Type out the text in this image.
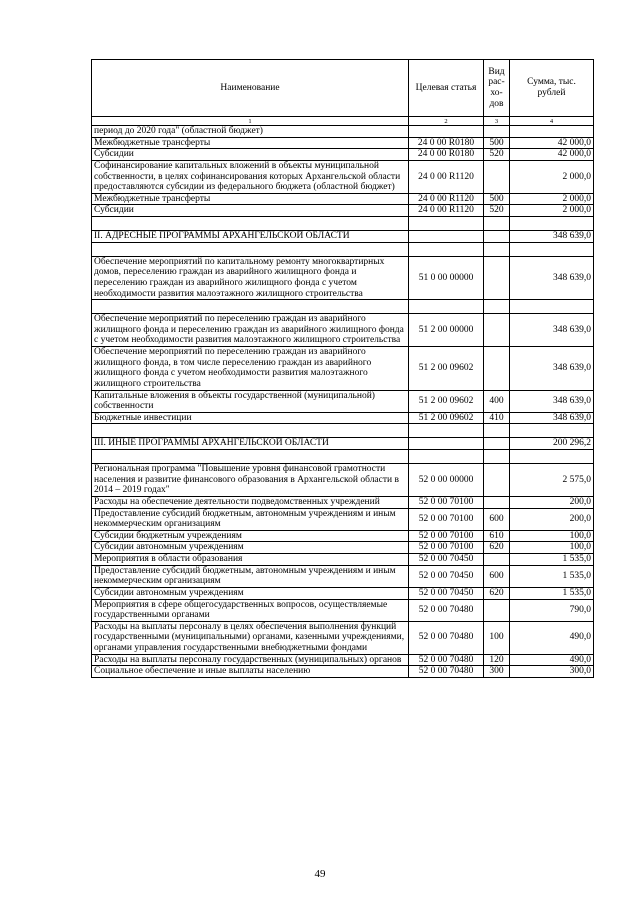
Наименование	Целевая статья	Вид рас-хо-дов	Сумма, тыс. рублей
1	2	3	4
период до 2020 года" (областной бюджет)			
Межбюджетные трансферты	24 0 00 R0180	500	42 000,0
Субсидии	24 0 00 R0180	520	42 000,0
Софинансирование капитальных вложений в объекты муниципальной собственности, в целях софинансирования которых Архангельской области предоставляются субсидии из федерального бюджета (областной бюджет)	24 0 00 R1120		2 000,0
Межбюджетные трансферты	24 0 00 R1120	500	2 000,0
Субсидии	24 0 00 R1120	520	2 000,0

II. АДРЕСНЫЕ ПРОГРАММЫ АРХАНГЕЛЬСКОЙ ОБЛАСТИ			348 639,0

Обеспечение мероприятий по капитальному ремонту многоквартирных домов, переселению граждан из аварийного жилищного фонда и переселению граждан из аварийного жилищного фонда с учетом необходимости развития малоэтажного жилищного строительства	51 0 00 00000		348 639,0

Обеспечение мероприятий по переселению граждан из аварийного жилищного фонда и переселению граждан из аварийного жилищного фонда с учетом необходимости развития малоэтажного жилищного строительства	51 2 00 00000		348 639,0
Обеспечение мероприятий по переселению граждан из аварийного жилищного фонда, в том числе переселению граждан из аварийного жилищного фонда с учетом необходимости развития малоэтажного жилищного строительства	51 2 00 09602		348 639,0
Капитальные вложения в объекты государственной (муниципальной) собственности	51 2 00 09602	400	348 639,0
Бюджетные инвестиции	51 2 00 09602	410	348 639,0

III. ИНЫЕ ПРОГРАММЫ АРХАНГЕЛЬСКОЙ ОБЛАСТИ			200 296,2

Региональная программа "Повышение уровня финансовой грамотности населения и развитие финансового образования в Архангельской области в 2014 – 2019 годах"	52 0 00 00000		2 575,0
Расходы на обеспечение деятельности подведомственных учреждений	52 0 00 70100		200,0
Предоставление субсидий бюджетным, автономным учреждениям и иным некоммерческим организациям	52 0 00 70100	600	200,0
Субсидии бюджетным учреждениям	52 0 00 70100	610	100,0
Субсидии автономным учреждениям	52 0 00 70100	620	100,0
Мероприятия в области образования	52 0 00 70450		1 535,0
Предоставление субсидий бюджетным, автономным учреждениям и иным некоммерческим организациям	52 0 00 70450	600	1 535,0
Субсидии автономным учреждениям	52 0 00 70450	620	1 535,0
Мероприятия в сфере общегосударственных вопросов, осуществляемые государственными органами	52 0 00 70480		790,0
Расходы на выплаты персоналу в целях обеспечения выполнения функций государственными (муниципальными) органами, казенными учреждениями, органами управления государственными внебюджетными фондами	52 0 00 70480	100	490,0
Расходы на выплаты персоналу государственных (муниципальных) органов	52 0 00 70480	120	490,0
Социальное обеспечение и иные выплаты населению	52 0 00 70480	300	300,0
49
